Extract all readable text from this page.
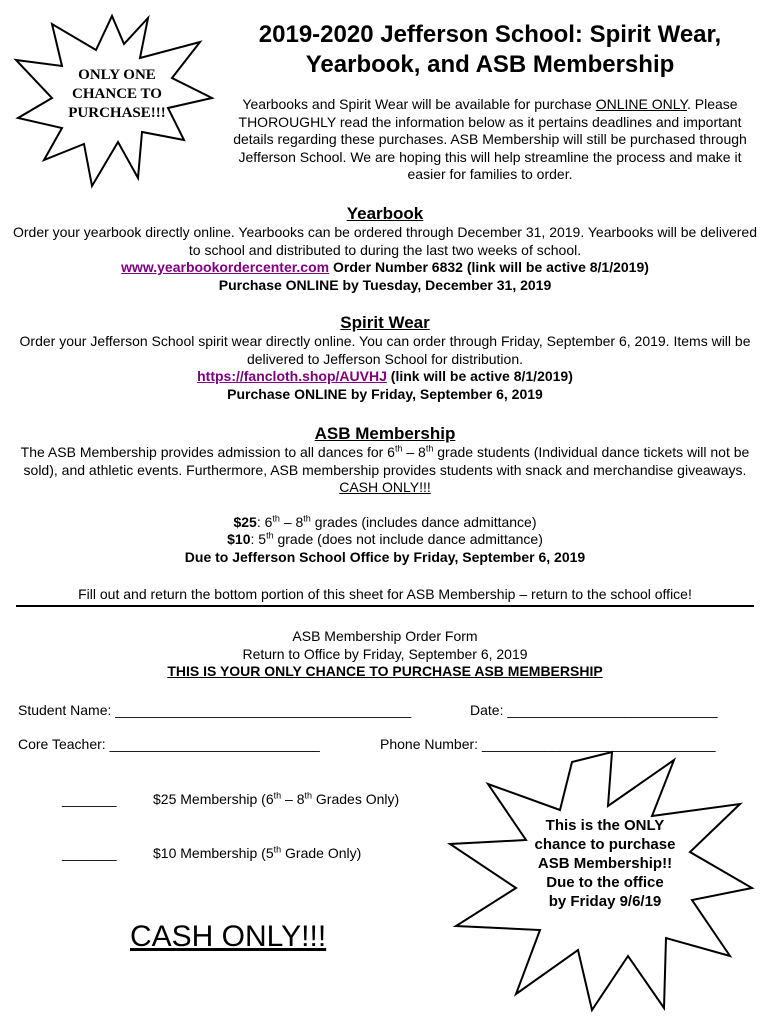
ONLY ONE
CHANCE TO
PURCHASE!!!
2019-2020 Jefferson School: Spirit Wear,
Yearbook, and ASB Membership
Yearbooks and Spirit Wear will be available for purchase ONLINE ONLY. Please THOROUGHLY read the information below as it pertains deadlines and important details regarding these purchases. ASB Membership will still be purchased through Jefferson School. We are hoping this will help streamline the process and make it easier for families to order.
Yearbook
Order your yearbook directly online. Yearbooks can be ordered through December 31, 2019. Yearbooks will be delivered to school and distributed to during the last two weeks of school.
www.yearbookordercenter.com Order Number 6832 (link will be active 8/1/2019)
Purchase ONLINE by Tuesday, December 31, 2019
Spirit Wear
Order your Jefferson School spirit wear directly online. You can order through Friday, September 6, 2019. Items will be delivered to Jefferson School for distribution.
https://fancloth.shop/AUVHJ (link will be active 8/1/2019)
Purchase ONLINE by Friday, September 6, 2019
ASB Membership
The ASB Membership provides admission to all dances for 6th – 8th grade students (Individual dance tickets will not be sold), and athletic events. Furthermore, ASB membership provides students with snack and merchandise giveaways. CASH ONLY!!!
$25: 6th – 8th grades (includes dance admittance)
$10: 5th grade (does not include dance admittance)
Due to Jefferson School Office by Friday, September 6, 2019
Fill out and return the bottom portion of this sheet for ASB Membership – return to the school office!
ASB Membership Order Form
Return to Office by Friday, September 6, 2019
THIS IS YOUR ONLY CHANCE TO PURCHASE ASB MEMBERSHIP
Student Name: ______________________________________	Date: ___________________________
Core Teacher: ___________________________	Phone Number: ______________________________
_______	$25 Membership (6th – 8th Grades Only)
_______	$10 Membership (5th Grade Only)
CASH ONLY!!!
This is the ONLY
chance to purchase
ASB Membership!!
Due to the office
by Friday 9/6/19
